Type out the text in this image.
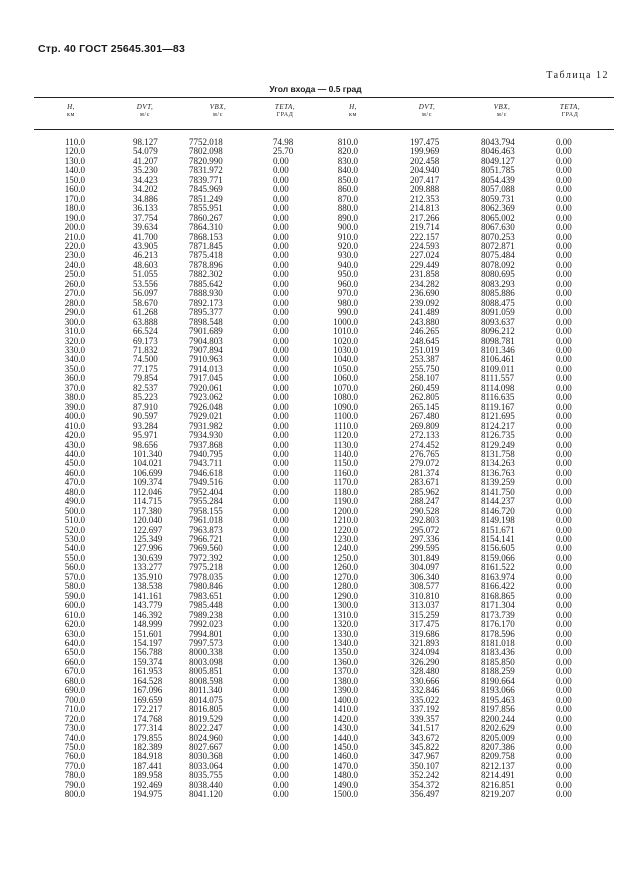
Стр. 40 ГОСТ 25645.301—83
Таблица 12
Угол входа — 0.5 град
H,
км
DVT,
м/с
VBX,
м/с
ТЕТА,
ГРАД
H,
км
DVT,
м/с
VBX,
м/с
ТЕТА,
ГРАД
110.0
120.0
130.0
140.0
150.0
160.0
170.0
180.0
190.0
200.0
210.0
220.0
230.0
240.0
250.0
260.0
270.0
280.0
290.0
300.0
310.0
320.0
330.0
340.0
350.0
360.0
370.0
380.0
390.0
400.0
410.0
420.0
430.0
440.0
450.0
460.0
470.0
480.0
490.0
500.0
510.0
520.0
530.0
540.0
550.0
560.0
570.0
580.0
590.0
600.0
610.0
620.0
630.0
640.0
650.0
660.0
670.0
680.0
690.0
700.0
710.0
720.0
730.0
740.0
750.0
760.0
770.0
780.0
790.0
800.0
98.127
54.079
41.207
35.230
34.423
34.202
34.886
36.133
37.754
39.634
41.700
43.905
46.213
48.603
51.055
53.556
56.097
58.670
61.268
63.888
66.524
69.173
71.832
74.500
77.175
79.854
82.537
85.223
87.910
90.597
93.284
95.971
98.656
101.340
104.021
106.699
109.374
112.046
114.715
117.380
120.040
122.697
125.349
127.996
130.639
133.277
135.910
138.538
141.161
143.779
146.392
148.999
151.601
154.197
156.788
159.374
161.953
164.528
167.096
169.659
172.217
174.768
177.314
179.855
182.389
184.918
187.441
189.958
192.469
194.975
7752.018
7802.098
7820.990
7831.972
7839.771
7845.969
7851.249
7855.951
7860.267
7864.310
7868.153
7871.845
7875.418
7878.896
7882.302
7885.642
7888.930
7892.173
7895.377
7898.548
7901.689
7904.803
7907.894
7910.963
7914.013
7917.045
7920.061
7923.062
7926.048
7929.021
7931.982
7934.930
7937.868
7940.795
7943.711
7946.618
7949.516
7952.404
7955.284
7958.155
7961.018
7963.873
7966.721
7969.560
7972.392
7975.218
7978.035
7980.846
7983.651
7985.448
7989.238
7992.023
7994.801
7997.573
8000.338
8003.098
8005.851
8008.598
8011.340
8014.075
8016.805
8019.529
8022.247
8024.960
8027.667
8030.368
8033.064
8035.755
8038.440
8041.120
74.98
25.70
0.00
0.00
0.00
0.00
0.00
0.00
0.00
0.00
0.00
0.00
0.00
0.00
0.00
0.00
0.00
0.00
0.00
0.00
0.00
0.00
0.00
0.00
0.00
0.00
0.00
0.00
0.00
0.00
0.00
0.00
0.00
0.00
0.00
0.00
0.00
0.00
0.00
0.00
0.00
0.00
0.00
0.00
0.00
0.00
0.00
0.00
0.00
0.00
0.00
0.00
0.00
0.00
0.00
0.00
0.00
0.00
0.00
0.00
0.00
0.00
0.00
0.00
0.00
0.00
0.00
0.00
0.00
0.00
810.0
820.0
830.0
840.0
850.0
860.0
870.0
880.0
890.0
900.0
910.0
920.0
930.0
940.0
950.0
960.0
970.0
980.0
990.0
1000.0
1010.0
1020.0
1030.0
1040.0
1050.0
1060.0
1070.0
1080.0
1090.0
1100.0
1110.0
1120.0
1130.0
1140.0
1150.0
1160.0
1170.0
1180.0
1190.0
1200.0
1210.0
1220.0
1230.0
1240.0
1250.0
1260.0
1270.0
1280.0
1290.0
1300.0
1310.0
1320.0
1330.0
1340.0
1350.0
1360.0
1370.0
1380.0
1390.0
1400.0
1410.0
1420.0
1430.0
1440.0
1450.0
1460.0
1470.0
1480.0
1490.0
1500.0
197.475
199.969
202.458
204.940
207.417
209.888
212.353
214.813
217.266
219.714
222.157
224.593
227.024
229.449
231.858
234.282
236.690
239.092
241.489
243.880
246.265
248.645
251.019
253.387
255.750
258.107
260.459
262.805
265.145
267.480
269.809
272.133
274.452
276.765
279.072
281.374
283.671
285.962
288.247
290.528
292.803
295.072
297.336
299.595
301.849
304.097
306.340
308.577
310.810
313.037
315.259
317.475
319.686
321.893
324.094
326.290
328.480
330.666
332.846
335.022
337.192
339.357
341.517
343.672
345.822
347.967
350.107
352.242
354.372
356.497
8043.794
8046.463
8049.127
8051.785
8054.439
8057.088
8059.731
8062.369
8065.002
8067.630
8070.253
8072.871
8075.484
8078.092
8080.695
8083.293
8085.886
8088.475
8091.059
8093.637
8096.212
8098.781
8101.346
8106.461
8109.011
8111.557
8114.098
8116.635
8119.167
8121.695
8124.217
8126.735
8129.249
8131.758
8134.263
8136.763
8139.259
8141.750
8144.237
8146.720
8149.198
8151.671
8154.141
8156.605
8159.066
8161.522
8163.974
8166.422
8168.865
8171.304
8173.739
8176.170
8178.596
8181.018
8183.436
8185.850
8188.259
8190.664
8193.066
8195.463
8197.856
8200.244
8202.629
8205.009
8207.386
8209.758
8212.137
8214.491
8216.851
8219.207
0.00
0.00
0.00
0.00
0.00
0.00
0.00
0.00
0.00
0.00
0.00
0.00
0.00
0.00
0.00
0.00
0.00
0.00
0.00
0.00
0.00
0.00
0.00
0.00
0.00
0.00
0.00
0.00
0.00
0.00
0.00
0.00
0.00
0.00
0.00
0.00
0.00
0.00
0.00
0.00
0.00
0.00
0.00
0.00
0.00
0.00
0.00
0.00
0.00
0.00
0.00
0.00
0.00
0.00
0.00
0.00
0.00
0.00
0.00
0.00
0.00
0.00
0.00
0.00
0.00
0.00
0.00
0.00
0.00
0.00
